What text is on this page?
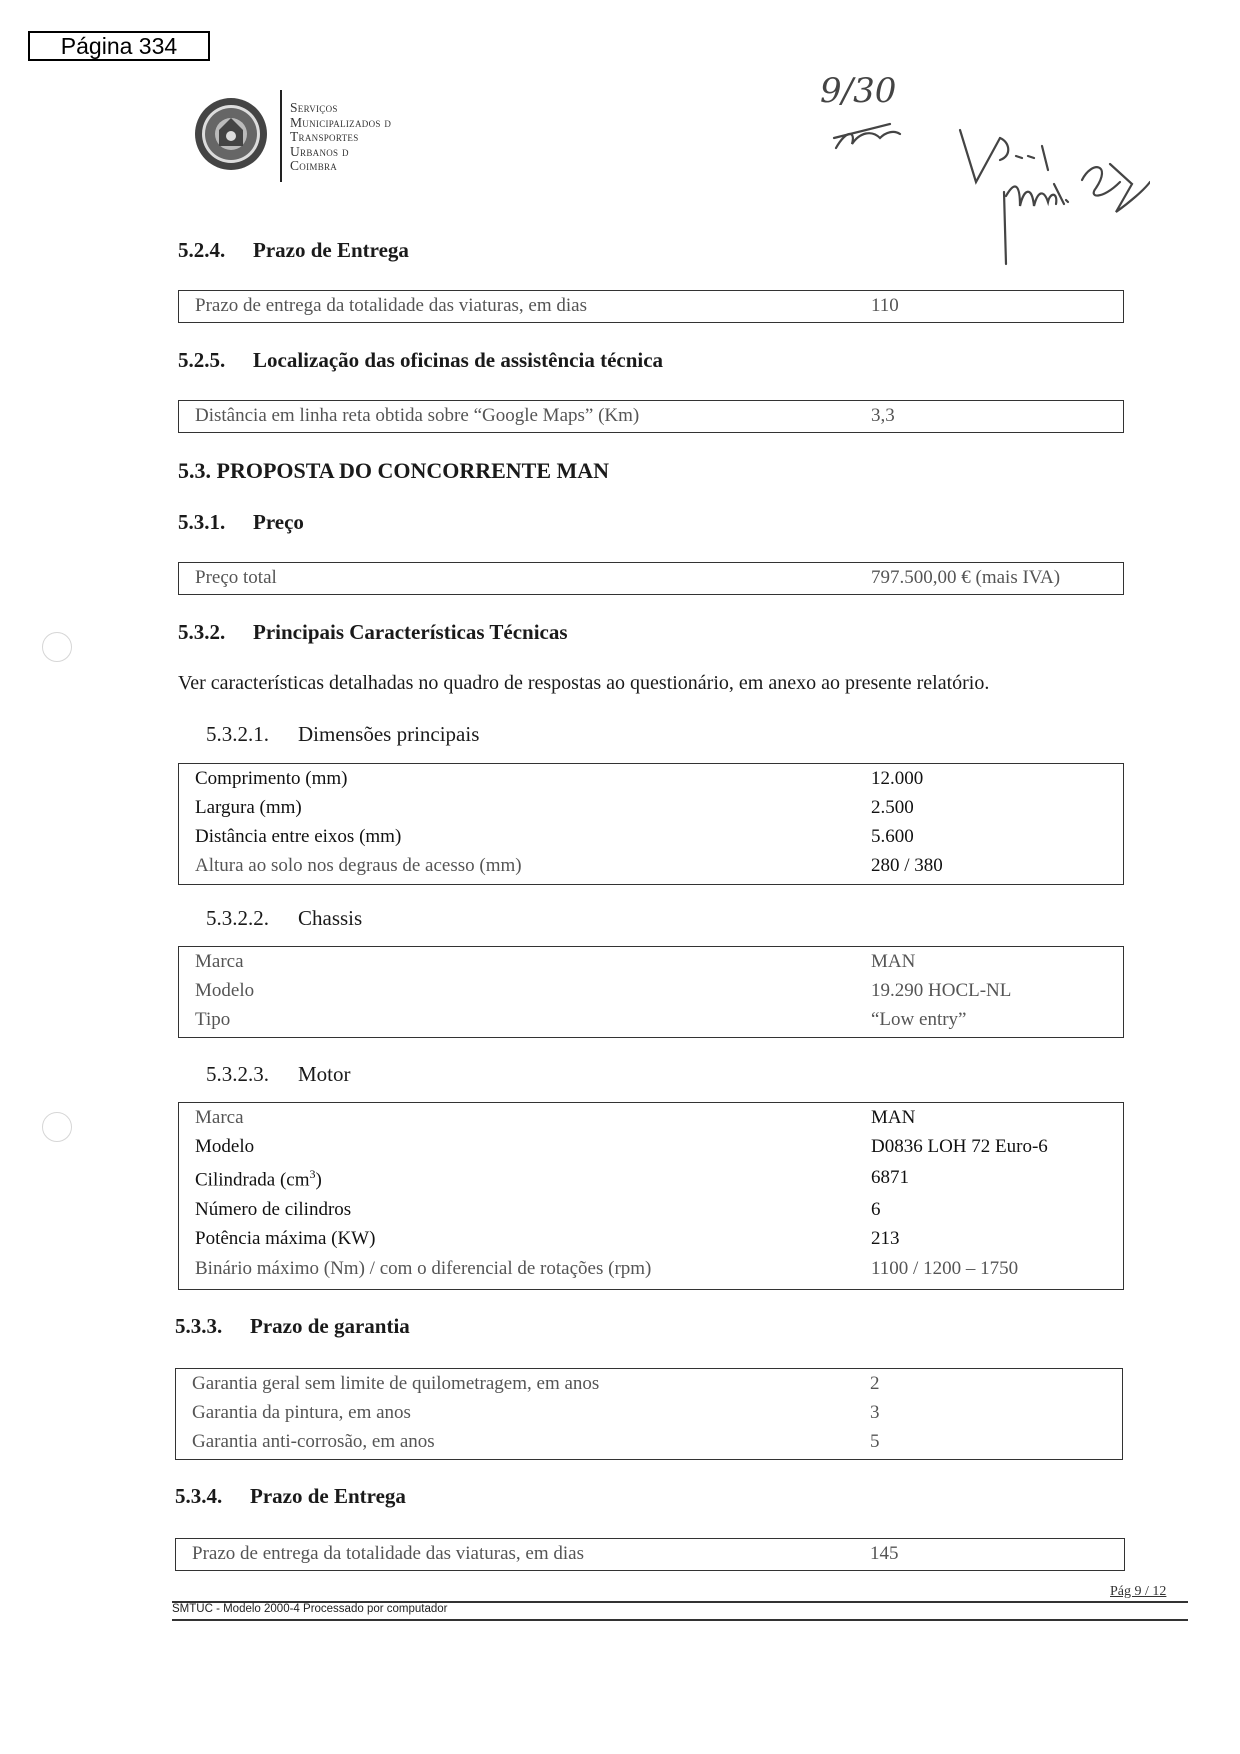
Página 334
Serviços
Municipalizados d
Transportes
Urbanos d
Coimbra
9/30
5.2.4. Prazo de Entrega
Prazo de entrega da totalidade das viaturas, em dias	110
5.2.5. Localização das oficinas de assistência técnica
Distância em linha reta obtida sobre “Google Maps” (Km)	3,3
5.3. PROPOSTA DO CONCORRENTE MAN
5.3.1. Preço
Preço total	797.500,00 € (mais IVA)
5.3.2. Principais Características Técnicas
Ver características detalhadas no quadro de respostas ao questionário, em anexo ao presente relatório.
5.3.2.1. Dimensões principais
Comprimento (mm)	12.000
Largura (mm)	2.500
Distância entre eixos (mm)	5.600
Altura ao solo nos degraus de acesso (mm)	280 / 380
5.3.2.2. Chassis
Marca	MAN
Modelo	19.290 HOCL-NL
Tipo	“Low entry”
5.3.2.3. Motor
Marca	MAN
Modelo	D0836 LOH 72 Euro-6
Cilindrada $(cm^3)$	6871
Número de cilindros	6
Potência máxima (KW)	213
Binário máximo (Nm) / com o diferencial de rotações (rpm)	1100 / 1200 – 1750
5.3.3. Prazo de garantia
Garantia geral sem limite de quilometragem, em anos	2
Garantia da pintura, em anos	3
Garantia anti-corrosão, em anos	5
5.3.4. Prazo de Entrega
Prazo de entrega da totalidade das viaturas, em dias	145
Pág 9 / 12
SMTUC - Modelo 2000-4 Processado por computador
